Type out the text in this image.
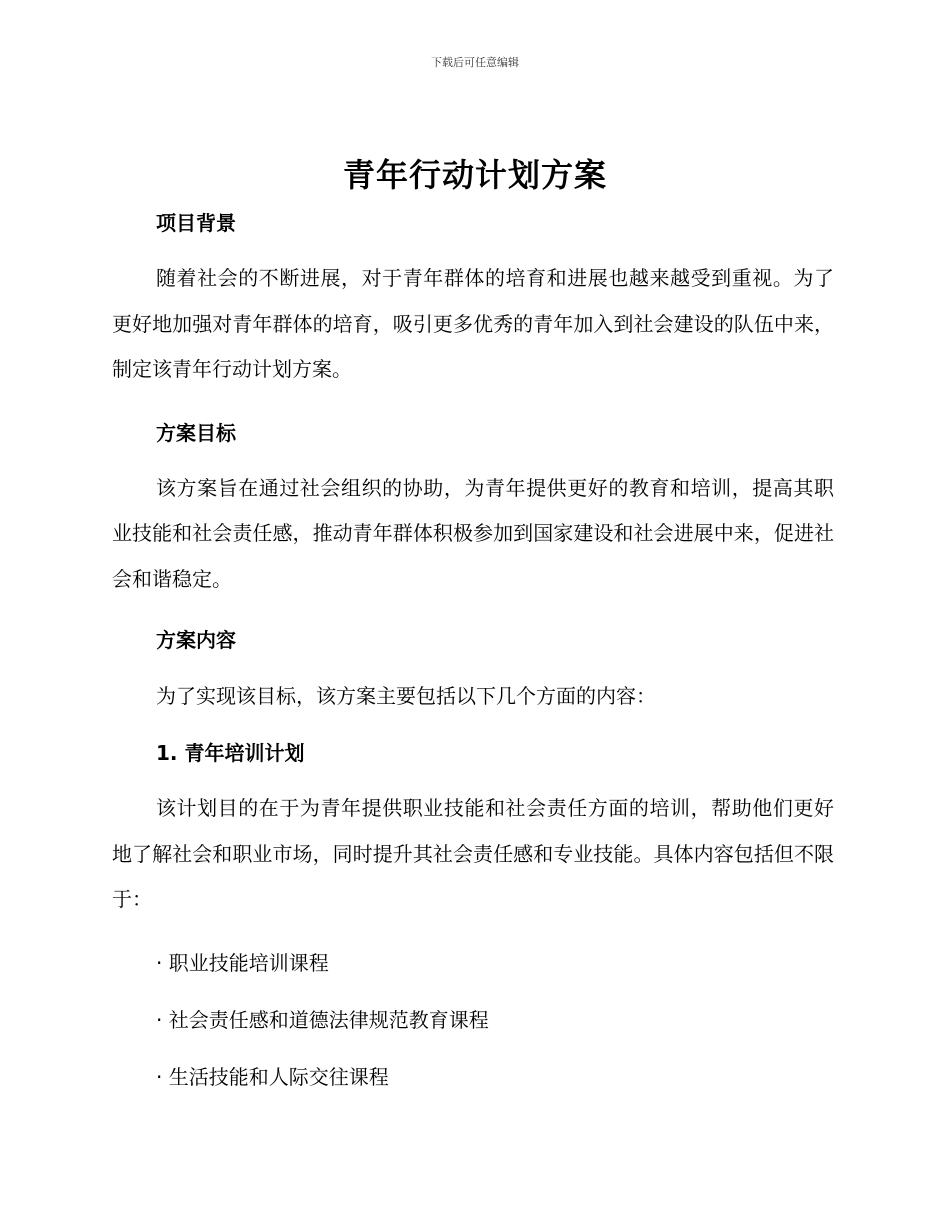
下载后可任意编辑
青年行动计划方案
项目背景
随着社会的不断进展，对于青年群体的培育和进展也越来越受到重视。为了更好地加强对青年群体的培育，吸引更多优秀的青年加入到社会建设的队伍中来，制定该青年行动计划方案。
方案目标
该方案旨在通过社会组织的协助，为青年提供更好的教育和培训，提高其职业技能和社会责任感，推动青年群体积极参加到国家建设和社会进展中来，促进社会和谐稳定。
方案内容
为了实现该目标，该方案主要包括以下几个方面的内容：
1. 青年培训计划
该计划目的在于为青年提供职业技能和社会责任方面的培训，帮助他们更好地了解社会和职业市场，同时提升其社会责任感和专业技能。具体内容包括但不限于：
· 职业技能培训课程
· 社会责任感和道德法律规范教育课程
· 生活技能和人际交往课程
